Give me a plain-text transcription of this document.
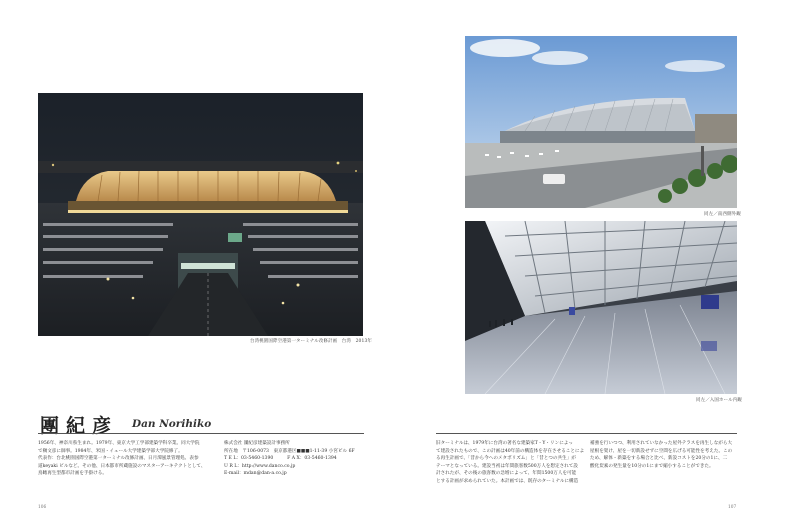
台湾桃園国際空港第一ターミナル改修計画　台湾　2013年
同左／南西側外観
同左／入国ホール内観
團紀彦 Dan Norihiko
1956年、神奈川県生まれ。1979年、東京大学工学部建築学科卒業。同大学院
で槇文彦に師事。1984年、米国・イェール大学建築学部大学院修了。
代表作：台北桃園国際空港第一ターミナル改修計画、日月潭風景管理処、表参
道keyaki ビルなど。その他、日本都市所蔵施設のマスターアーキテクトとして、
鳥瞰再生型都市計画を手掛ける。
株式会社 團紀彦建築設計事務所
所在地　〒106-0073　東京都港区■■■1-11-39 小宮ビル 6F
T E L：03-5460-1390　　　F A X：03-5460-1394
U R L：http://www.danco.co.jp
E-mail：mdan@dan-a.co.jp
旧ターミナルは、1979年に台湾の著名な建築家T・Y・リンによっ
て建設されたもので、この計画は40年前の構造体を存在させることによ
る再生計画で、「昔から今へのメタボリズム」と「昔とつの共生」が
テーマとなっている。建設当初は年間旅客数500万人を想定されて設
計されたが、その後の旅客数の急増によって、年間1500万人を可能
とする計画が求められていた。本計画では、既存のターミナルに構造
補強を行いつつ、利用されていなかった屋外テラスを再生しながら大
屋根を架け、屋を一切新設せずに空間を広げる可能性を考えた。この
ため、解体・新築をする場合と比べ、新設コストを20分の1に、二
酸化炭素の発生量を10分の1にまで縮小することができた。
106	107
